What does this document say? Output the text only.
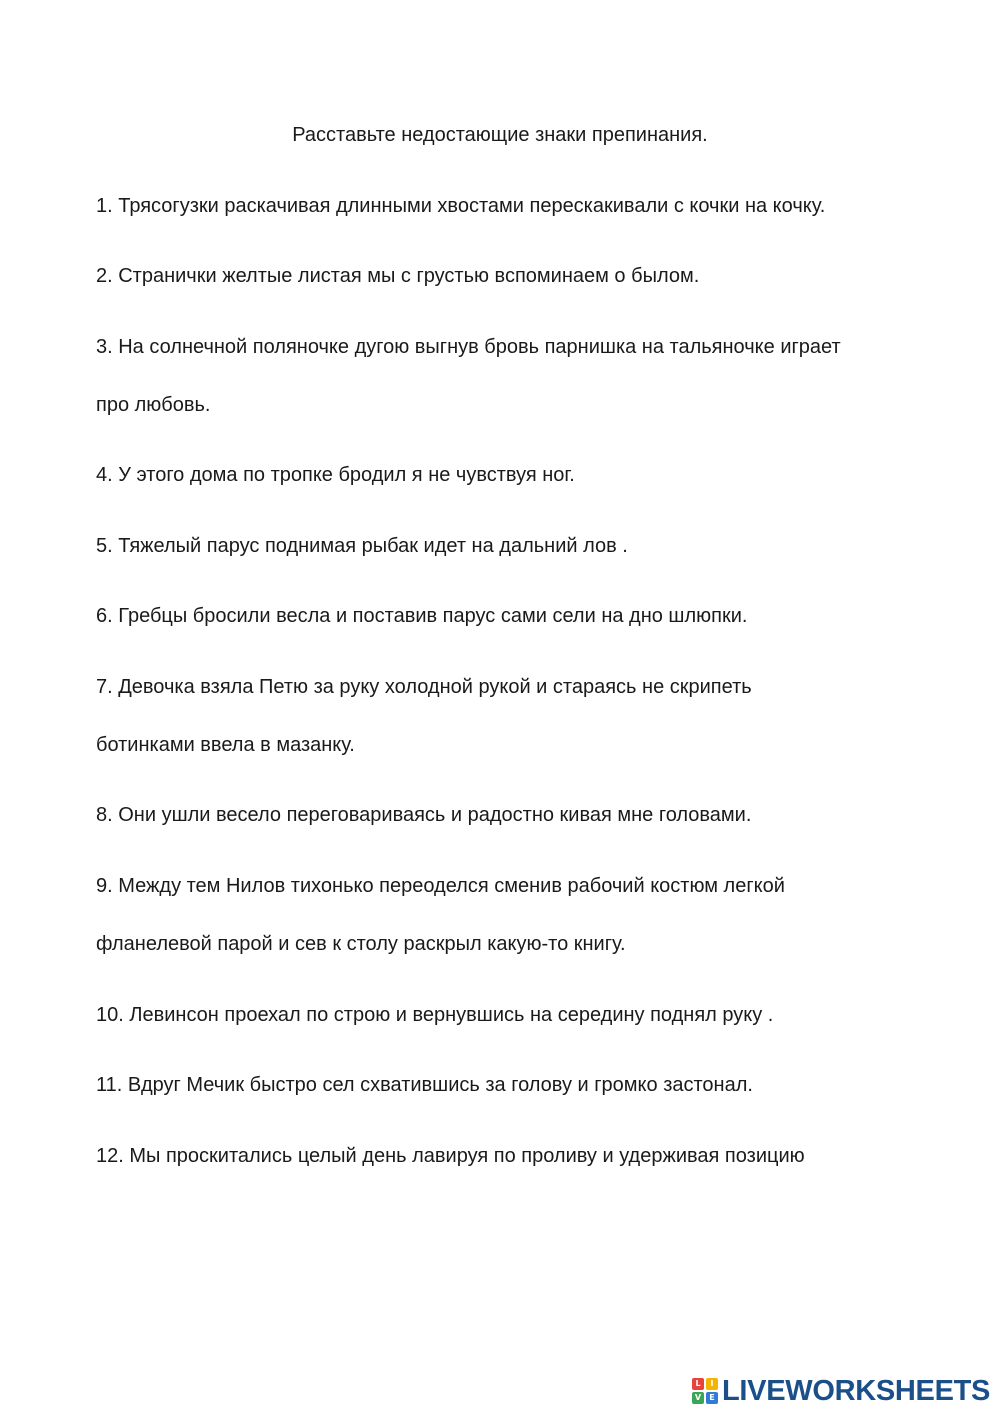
Расставьте недостающие знаки препинания.
1. Трясогузки раскачивая длинными хвостами перескакивали с кочки на кочку.
2. Странички желтые листая мы с грустью вспоминаем о былом.
3. На солнечной поляночке дугою выгнув бровь парнишка на тальяночке играет
про любовь.
4. У этого дома по тропке бродил я не чувствуя ног.
5. Тяжелый парус поднимая рыбак идет на дальний лов .
6. Гребцы бросили весла и поставив парус сами сели на дно шлюпки.
7. Девочка взяла Петю за руку холодной рукой и стараясь не скрипеть
ботинками ввела в мазанку.
8. Они ушли весело переговариваясь и радостно кивая мне головами.
9. Между тем Нилов тихонько переоделся сменив рабочий костюм легкой
фланелевой парой и сев к столу раскрыл какую-то книгу.
10. Левинсон проехал по строю и вернувшись на середину поднял руку .
11. Вдруг Мечик быстро сел схватившись за голову и громко застонал.
12. Мы проскитались целый день лавируя по проливу и удерживая позицию
L	I
V	E LIVEWORKSHEETS
